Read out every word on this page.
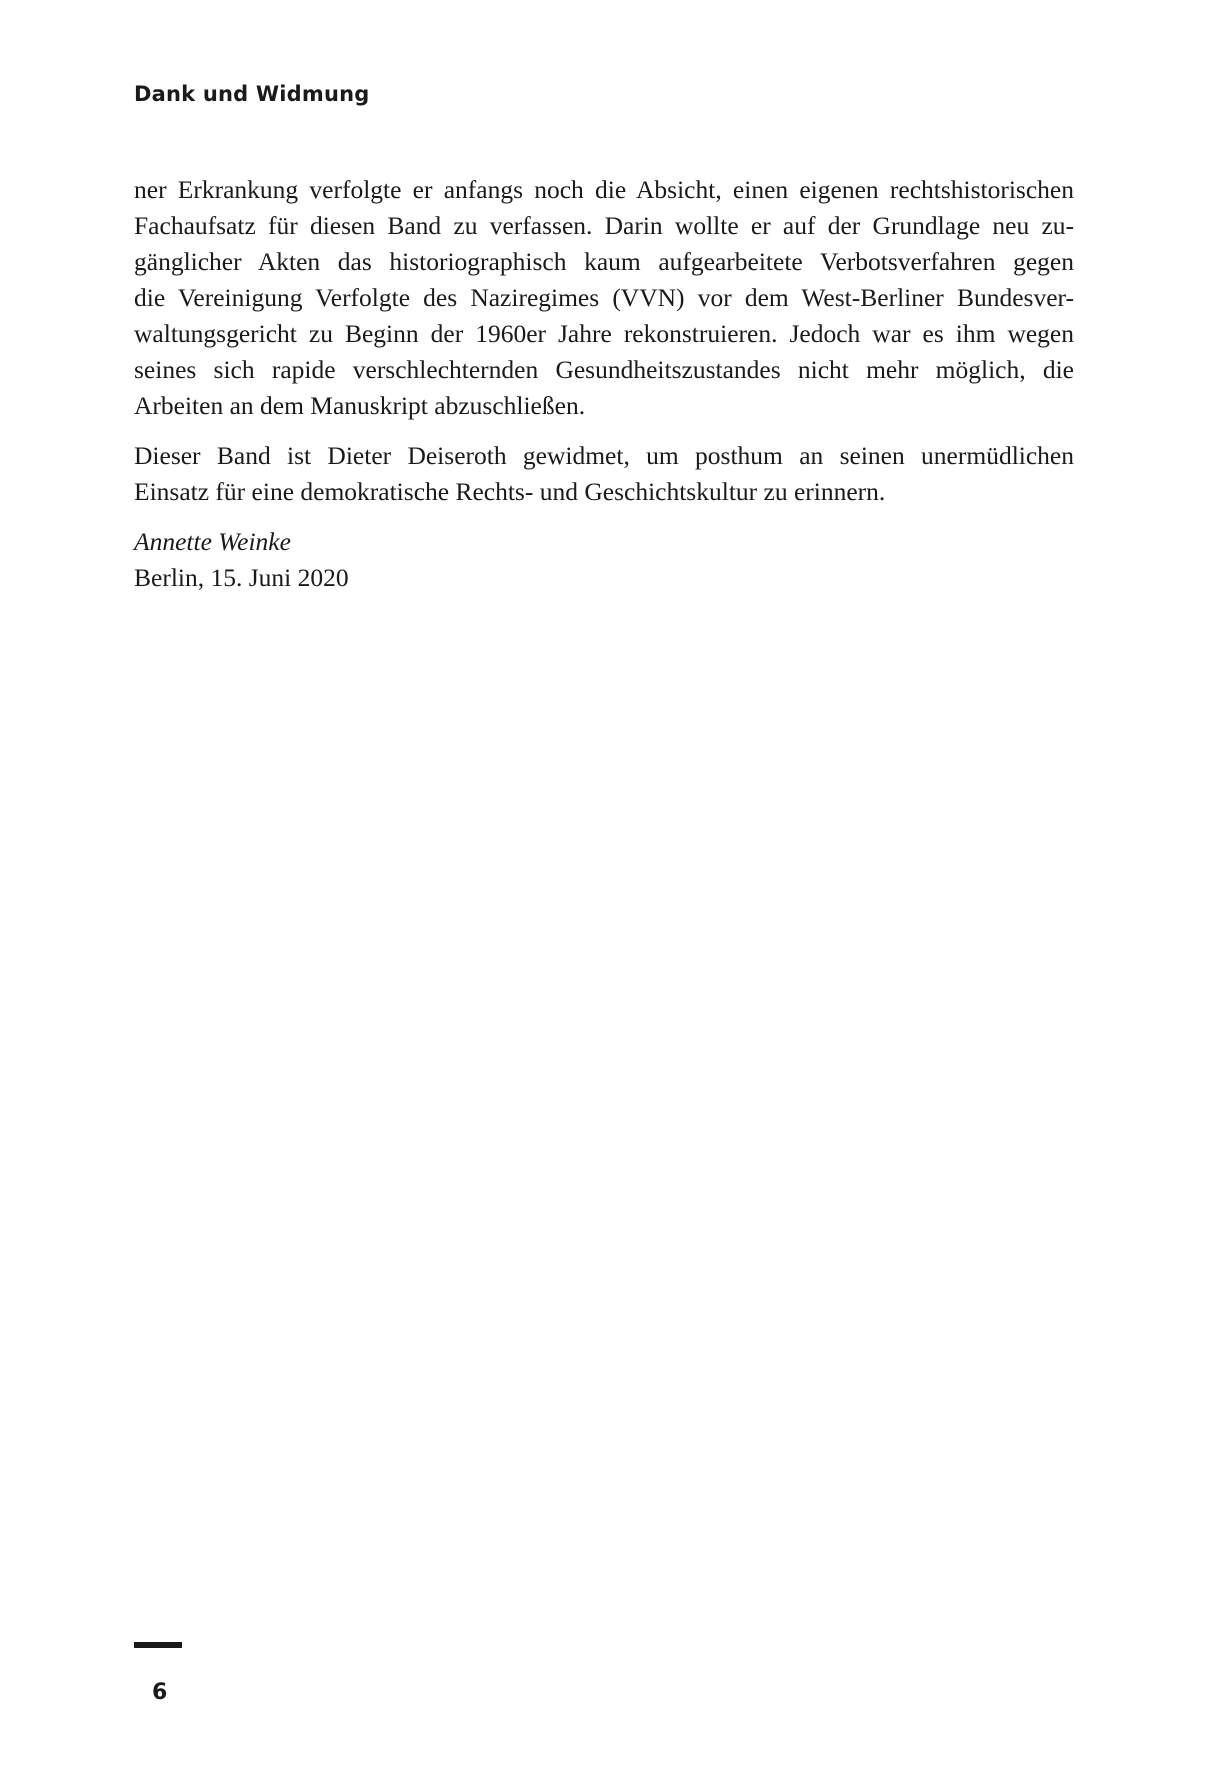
Dank und Widmung

ner Erkrankung verfolgte er anfangs noch die Absicht, einen eigenen rechtshistorischen
Fachaufsatz für diesen Band zu verfassen. Darin wollte er auf der Grundlage neu zu-
gänglicher Akten das historiographisch kaum aufgearbeitete Verbotsverfahren gegen
die Vereinigung Verfolgte des Naziregimes (VVN) vor dem West-Berliner Bundesver-
waltungsgericht zu Beginn der 1960er Jahre rekonstruieren. Jedoch war es ihm wegen
seines sich rapide verschlechternden Gesundheitszustandes nicht mehr möglich, die
Arbeiten an dem Manuskript abzuschließen.

Dieser Band ist Dieter Deiseroth gewidmet, um posthum an seinen unermüdlichen
Einsatz für eine demokratische Rechts- und Geschichtskultur zu erinnern.

Annette Weinke
Berlin, 15. Juni 2020

6
